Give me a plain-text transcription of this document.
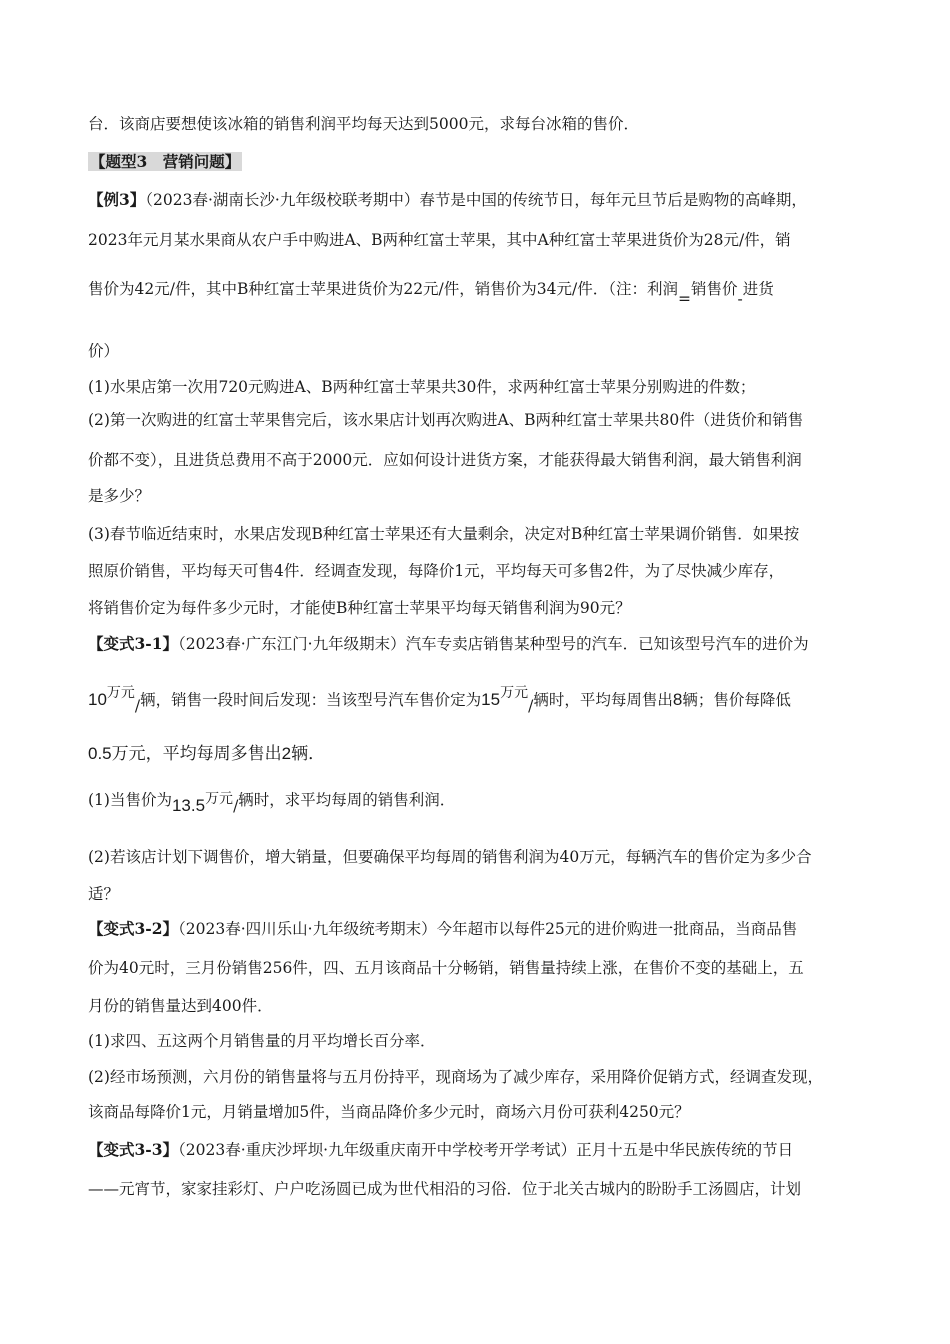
台．该商店要想使该冰箱的销售利润平均每天达到5000元，求每台冰箱的售价．
【题型3　营销问题】
【例3】（2023春·湖南长沙·九年级校联考期中）春节是中国的传统节日，每年元旦节后是购物的高峰期，
2023年元月某水果商从农户手中购进A、B两种红富士苹果，其中A种红富士苹果进货价为28元/件，销
售价为42元/件，其中B种红富士苹果进货价为22元/件，销售价为34元/件．（注：利润=销售价-进货
价）
(1)水果店第一次用720元购进A、B两种红富士苹果共30件，求两种红富士苹果分别购进的件数；
(2)第一次购进的红富士苹果售完后，该水果店计划再次购进A、B两种红富士苹果共80件（进货价和销售
价都不变），且进货总费用不高于2000元．应如何设计进货方案，才能获得最大销售利润，最大销售利润
是多少？
(3)春节临近结束时，水果店发现B种红富士苹果还有大量剩余，决定对B种红富士苹果调价销售．如果按
照原价销售，平均每天可售4件．经调查发现，每降价1元，平均每天可多售2件，为了尽快减少库存，
将销售价定为每件多少元时，才能使B种红富士苹果平均每天销售利润为90元？
【变式3-1】（2023春·广东江门·九年级期末）汽车专卖店销售某种型号的汽车．已知该型号汽车的进价为
10万元/辆，销售一段时间后发现：当该型号汽车售价定为15万元/辆时，平均每周售出8辆；售价每降低
0.5万元，平均每周多售出2辆．
(1)当售价为13.5万元/辆时，求平均每周的销售利润．
(2)若该店计划下调售价，增大销量，但要确保平均每周的销售利润为40万元，每辆汽车的售价定为多少合
适？
【变式3-2】（2023春·四川乐山·九年级统考期末）今年超市以每件25元的进价购进一批商品，当商品售
价为40元时，三月份销售256件，四、五月该商品十分畅销，销售量持续上涨，在售价不变的基础上，五
月份的销售量达到400件．
(1)求四、五这两个月销售量的月平均增长百分率．
(2)经市场预测，六月份的销售量将与五月份持平，现商场为了减少库存，采用降价促销方式，经调查发现，
该商品每降价1元，月销量增加5件，当商品降价多少元时，商场六月份可获利4250元？
【变式3-3】（2023春·重庆沙坪坝·九年级重庆南开中学校考开学考试）正月十五是中华民族传统的节日
——元宵节，家家挂彩灯、户户吃汤圆已成为世代相沿的习俗．位于北关古城内的盼盼手工汤圆店，计划
